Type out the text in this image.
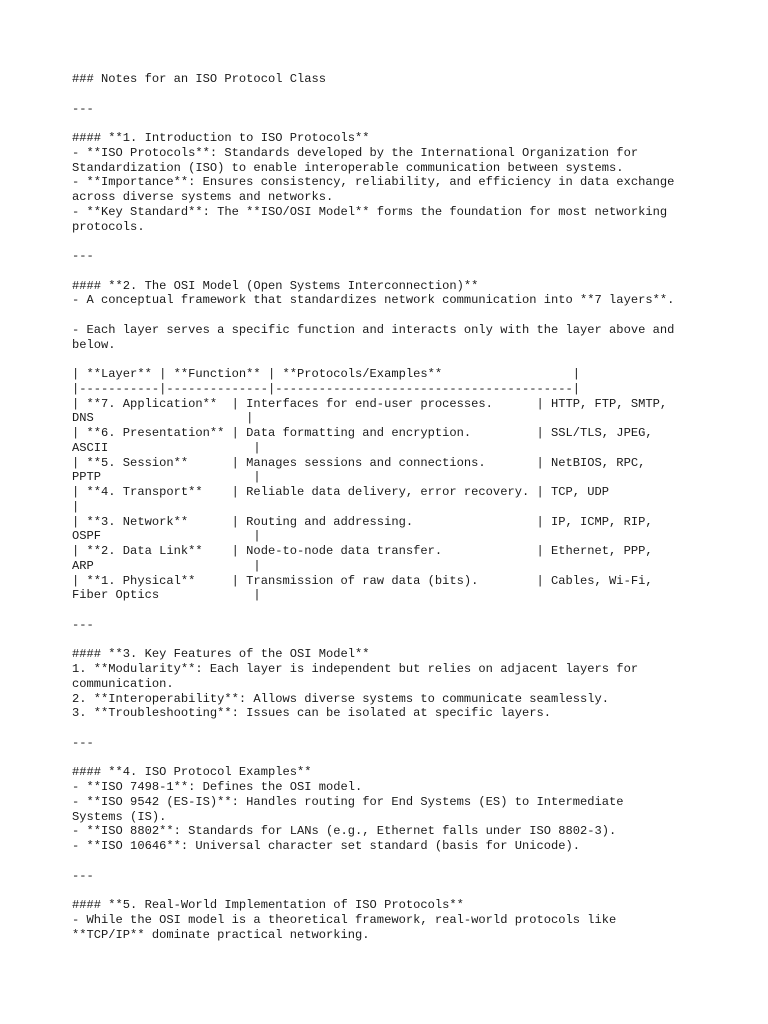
### Notes for an ISO Protocol Class
---
#### **1. Introduction to ISO Protocols**
- **ISO Protocols**: Standards developed by the International Organization for
Standardization (ISO) to enable interoperable communication between systems.
- **Importance**: Ensures consistency, reliability, and efficiency in data exchange
across diverse systems and networks.
- **Key Standard**: The **ISO/OSI Model** forms the foundation for most networking
protocols.
---
#### **2. The OSI Model (Open Systems Interconnection)**
- A conceptual framework that standardizes network communication into **7 layers**.
- Each layer serves a specific function and interacts only with the layer above and
below.
| **Layer** | **Function** | **Protocols/Examples**                  |
|-----------|--------------|-----------------------------------------|
| **7. Application**  | Interfaces for end-user processes.      | HTTP, FTP, SMTP,
DNS                     |
| **6. Presentation** | Data formatting and encryption.         | SSL/TLS, JPEG,
ASCII                    |
| **5. Session**      | Manages sessions and connections.       | NetBIOS, RPC,
PPTP                     |
| **4. Transport**    | Reliable data delivery, error recovery. | TCP, UDP
|
| **3. Network**      | Routing and addressing.                 | IP, ICMP, RIP,
OSPF                     |
| **2. Data Link**    | Node-to-node data transfer.             | Ethernet, PPP,
ARP                      |
| **1. Physical**     | Transmission of raw data (bits).        | Cables, Wi-Fi,
Fiber Optics             |
---
#### **3. Key Features of the OSI Model**
1. **Modularity**: Each layer is independent but relies on adjacent layers for
communication.
2. **Interoperability**: Allows diverse systems to communicate seamlessly.
3. **Troubleshooting**: Issues can be isolated at specific layers.
---
#### **4. ISO Protocol Examples**
- **ISO 7498-1**: Defines the OSI model.
- **ISO 9542 (ES-IS)**: Handles routing for End Systems (ES) to Intermediate
Systems (IS).
- **ISO 8802**: Standards for LANs (e.g., Ethernet falls under ISO 8802-3).
- **ISO 10646**: Universal character set standard (basis for Unicode).
---
#### **5. Real-World Implementation of ISO Protocols**
- While the OSI model is a theoretical framework, real-world protocols like
**TCP/IP** dominate practical networking.
